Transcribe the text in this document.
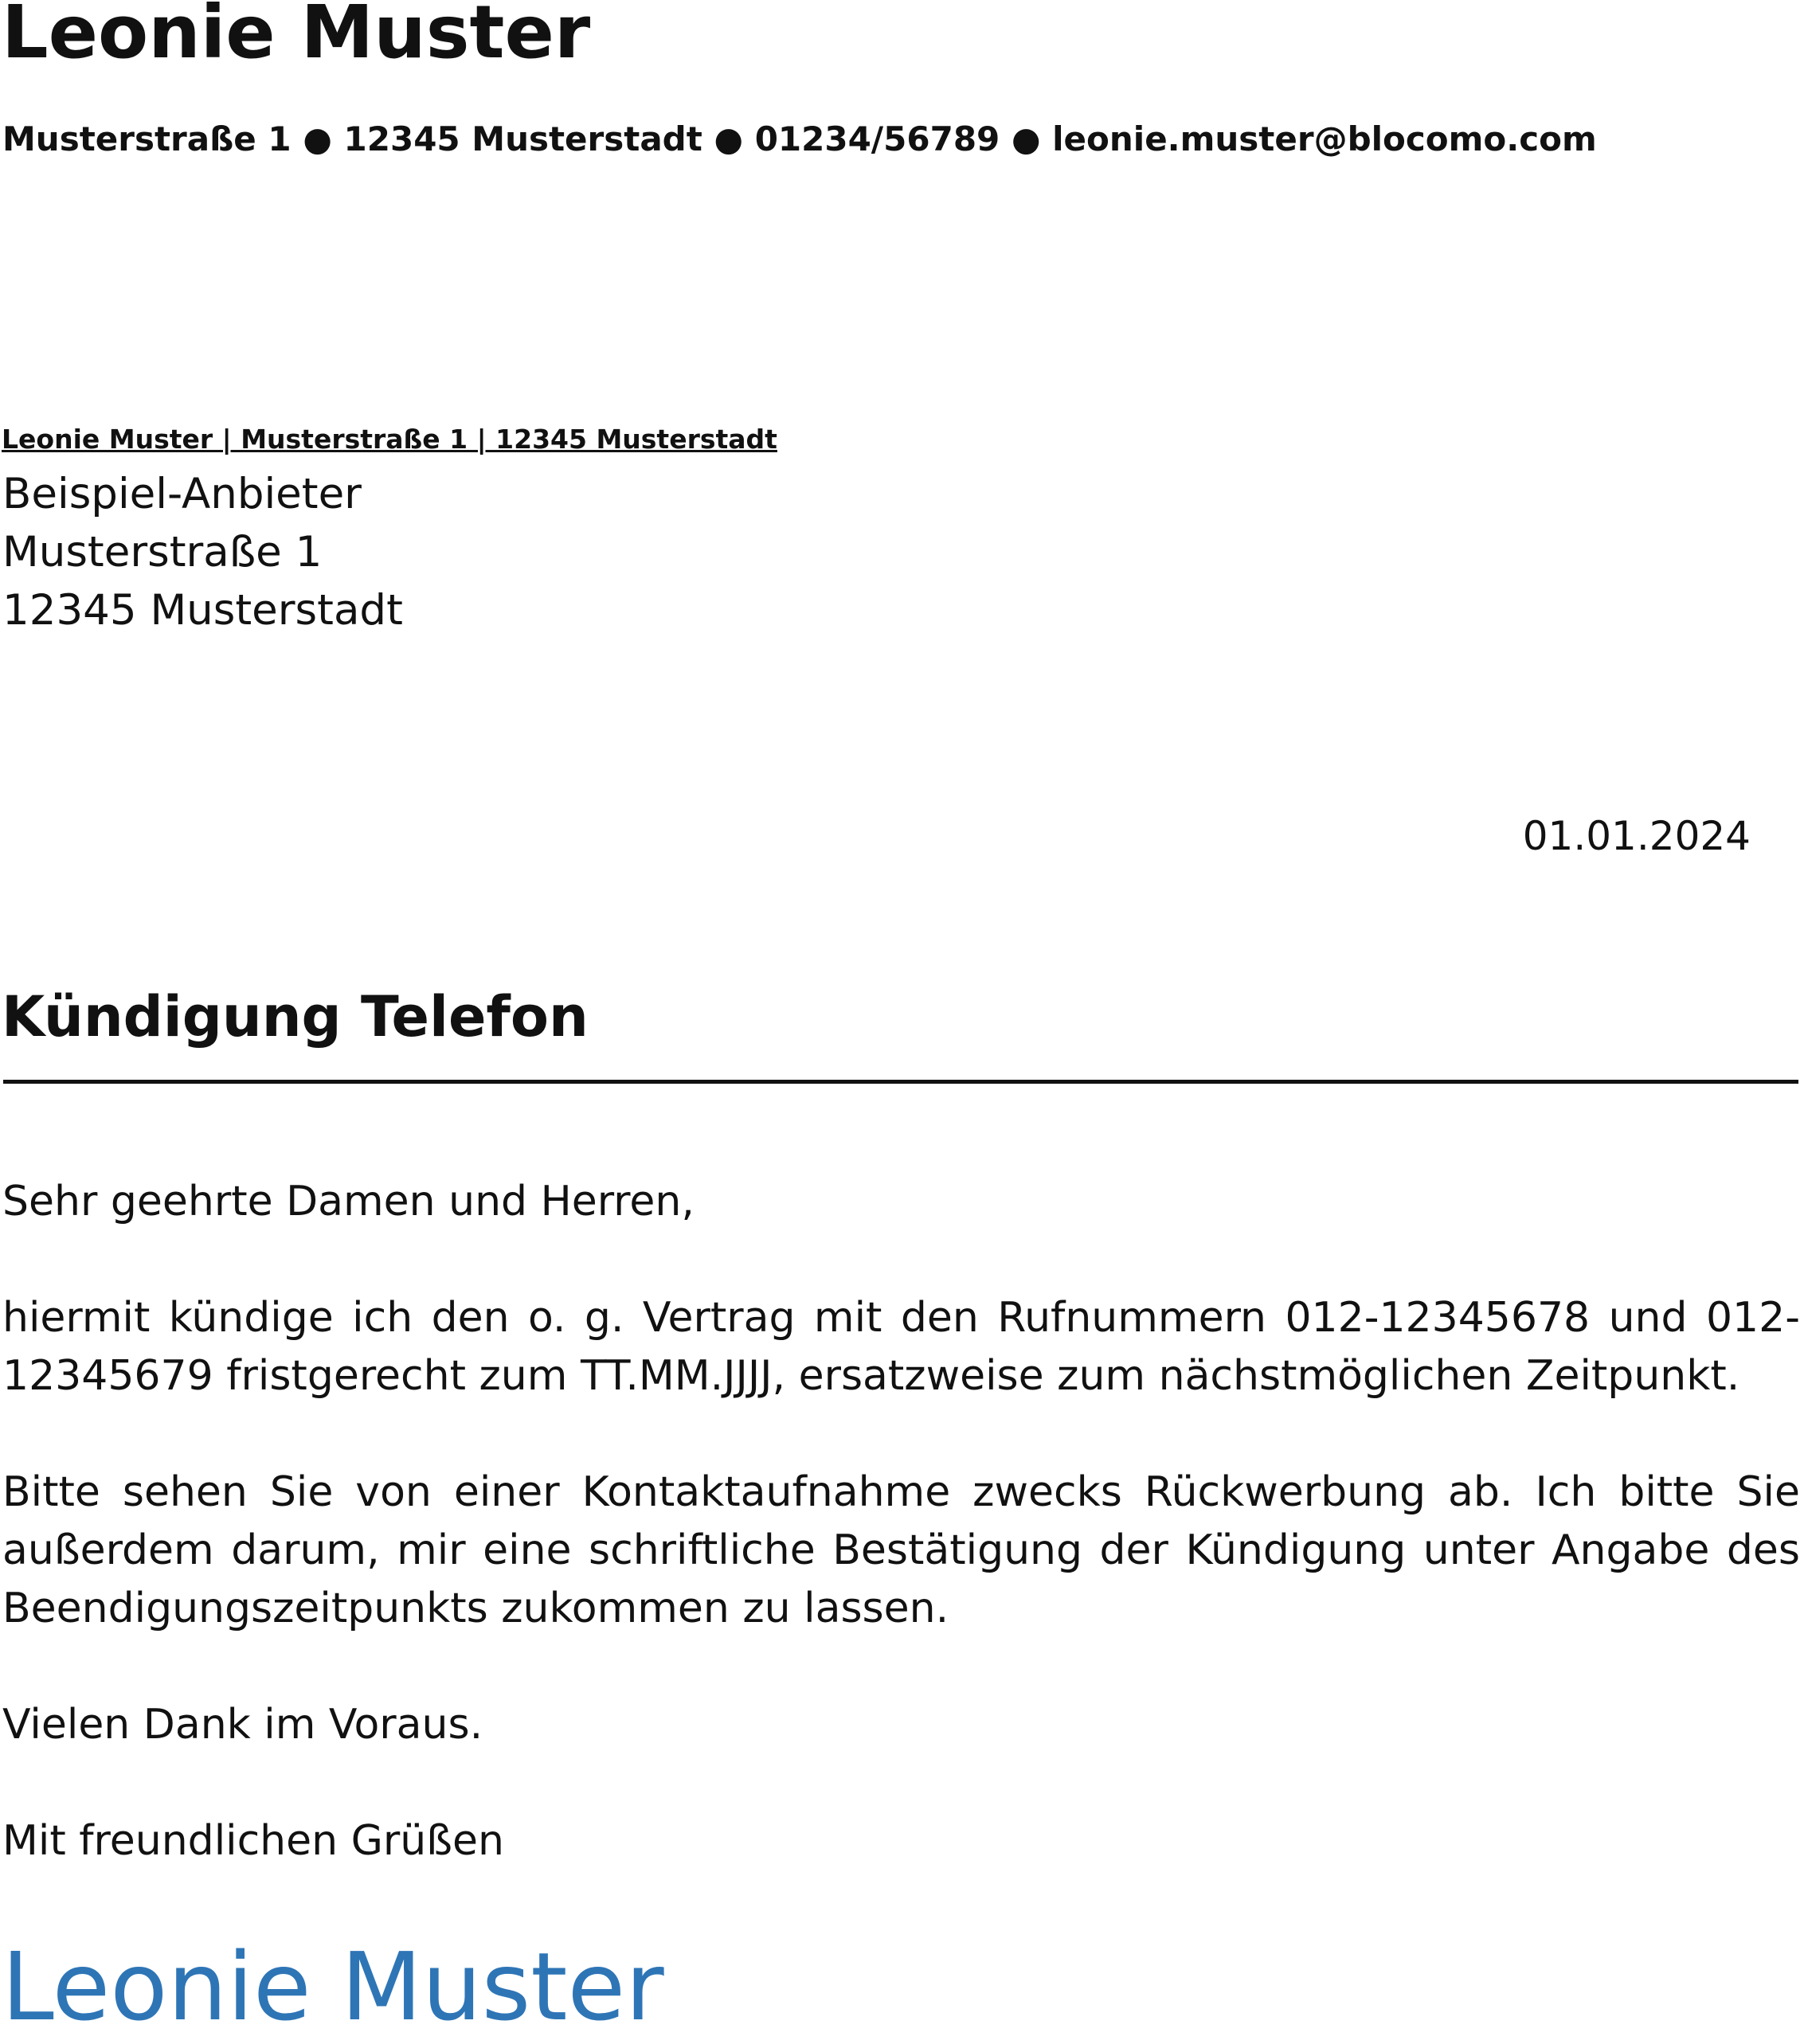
Leonie Muster
Musterstraße 1 ● 12345 Musterstadt ● 01234/56789 ● leonie.muster@blocomo.com
Leonie Muster | Musterstraße 1 | 12345 Musterstadt
Beispiel-Anbieter
Musterstraße 1
12345 Musterstadt
01.01.2024
Kündigung Telefon
Sehr geehrte Damen und Herren,

hiermit kündige ich den o. g. Vertrag mit den Rufnummern 012-12345678 und 012-12345679 fristgerecht zum TT.MM.JJJJ, ersatzweise zum nächstmöglichen Zeitpunkt.

Bitte sehen Sie von einer Kontaktaufnahme zwecks Rückwerbung ab. Ich bitte Sie außerdem darum, mir eine schriftliche Bestätigung der Kündigung unter Angabe des Beendigungszeitpunkts zukommen zu lassen.

Vielen Dank im Voraus.
Mit freundlichen Grüßen
Leonie Muster
